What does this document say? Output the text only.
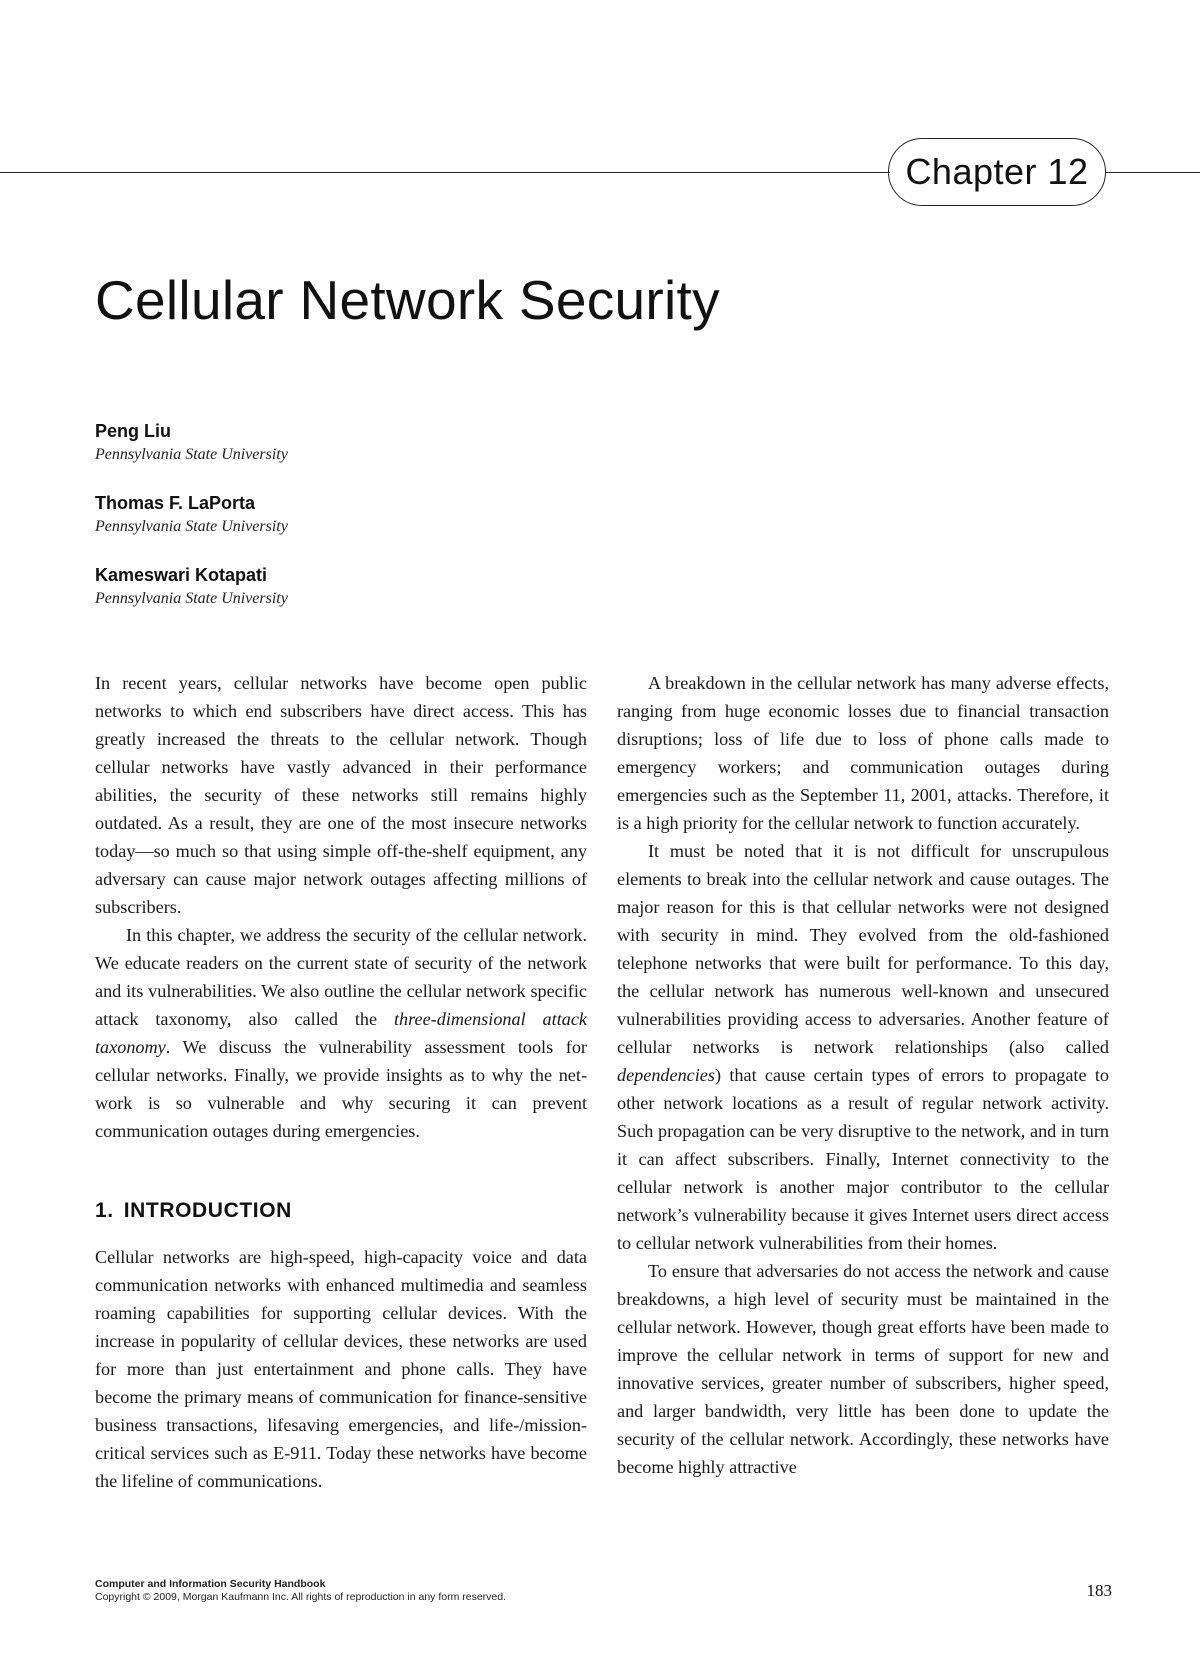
Chapter 12
Cellular Network Security
Peng Liu
Pennsylvania State University
Thomas F. LaPorta
Pennsylvania State University
Kameswari Kotapati
Pennsylvania State University

In recent years, cellular networks have become open public networks to which end subscribers have direct access. This has greatly increased the threats to the cellular network. Though cellular networks have vastly advanced in their performance abilities, the security of these networks still remains highly outdated. As a result, they are one of the most insecure networks today—so much so that using simple off-the-shelf equipment, any adversary can cause major network outages affecting millions of subscribers.

In this chapter, we address the security of the cellular network. We educate readers on the current state of security of the network and its vulnerabilities. We also outline the cellular network specific attack taxonomy, also called the three-dimensional attack taxonomy. We discuss the vulnerability assessment tools for cellular networks. Finally, we provide insights as to why the network is so vulnerable and why securing it can prevent communication outages during emergencies.

1. INTRODUCTION

Cellular networks are high-speed, high-capacity voice and data communication networks with enhanced multimedia and seamless roaming capabilities for supporting cellular devices. With the increase in popularity of cellular devices, these networks are used for more than just entertainment and phone calls. They have become the primary means of communication for finance-sensitive business transactions, lifesaving emergencies, and life-/mission-critical services such as E-911. Today these networks have become the lifeline of communications.

A breakdown in the cellular network has many adverse effects, ranging from huge economic losses due to financial transaction disruptions; loss of life due to loss of phone calls made to emergency workers; and communication outages during emergencies such as the September 11, 2001, attacks. Therefore, it is a high priority for the cellular network to function accurately.

It must be noted that it is not difficult for unscrupulous elements to break into the cellular network and cause outages. The major reason for this is that cellular networks were not designed with security in mind. They evolved from the old-fashioned telephone networks that were built for performance. To this day, the cellular network has numerous well-known and unsecured vulnerabilities providing access to adversaries. Another feature of cellular networks is network relationships (also called dependencies) that cause certain types of errors to propagate to other network locations as a result of regular network activity. Such propagation can be very disruptive to the network, and in turn it can affect subscribers. Finally, Internet connectivity to the cellular network is another major contributor to the cellular network’s vulnerability because it gives Internet users direct access to cellular network vulnerabilities from their homes.

To ensure that adversaries do not access the network and cause breakdowns, a high level of security must be maintained in the cellular network. However, though great efforts have been made to improve the cellular network in terms of support for new and innovative services, greater number of subscribers, higher speed, and larger bandwidth, very little has been done to update the security of the cellular network. Accordingly, these networks have become highly attractive

Computer and Information Security Handbook
Copyright © 2009, Morgan Kaufmann Inc. All rights of reproduction in any form reserved.	183
